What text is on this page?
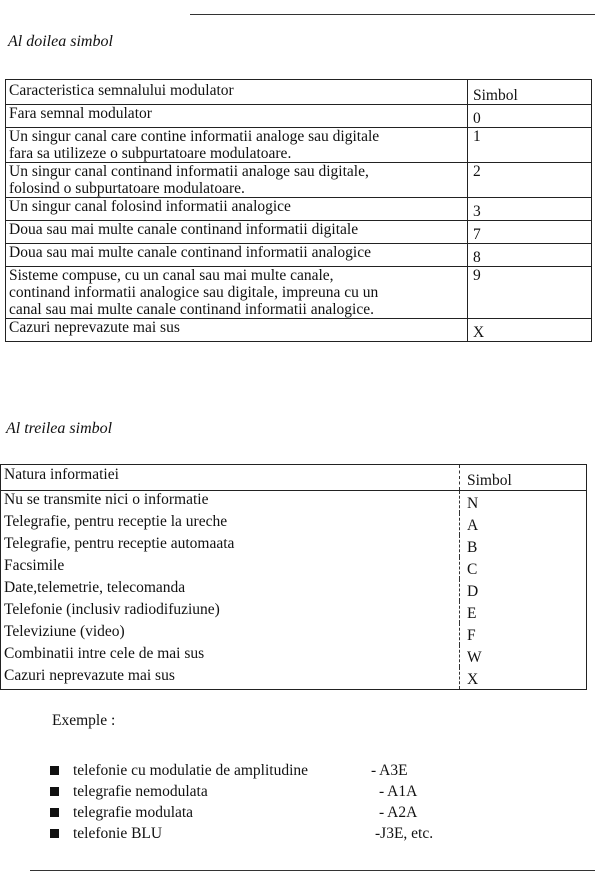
Al doilea simbol
Caracteristica semnalului modulator	Simbol

Fara semnal modulator	0

Un singur canal care contine informatii analoge sau digitale
fara sa utilizeze o subpurtatoare modulatoare.	1

Un singur canal continand informatii analoge sau digitale,
folosind o subpurtatoare modulatoare.	2

Un singur canal folosind informatii analogice	3

Doua sau mai multe canale continand informatii digitale	7

Doua sau mai multe canale continand informatii analogice	8

Sisteme compuse, cu un canal sau mai multe canale,
continand informatii analogice sau digitale, impreuna cu un
canal sau mai multe canale continand informatii analogice.	9

Cazuri neprevazute mai sus	X
Al treilea simbol
Natura informatiei	Simbol
Nu se transmite nici o informatie	N
Telegrafie, pentru receptie la ureche	A
Telegrafie, pentru receptie automaata	B
Facsimile	C
Date,telemetrie, telecomanda	D
Telefonie (inclusiv radiodifuziune)	E
Televiziune (video)	F
Combinatii intre cele de mai sus	W
Cazuri neprevazute mai sus	X
Exemple :
telefonie cu modulatie de amplitudine	- A3E
telegrafie nemodulata	- A1A
telegrafie modulata	- A2A
telefonie BLU	-J3E, etc.
